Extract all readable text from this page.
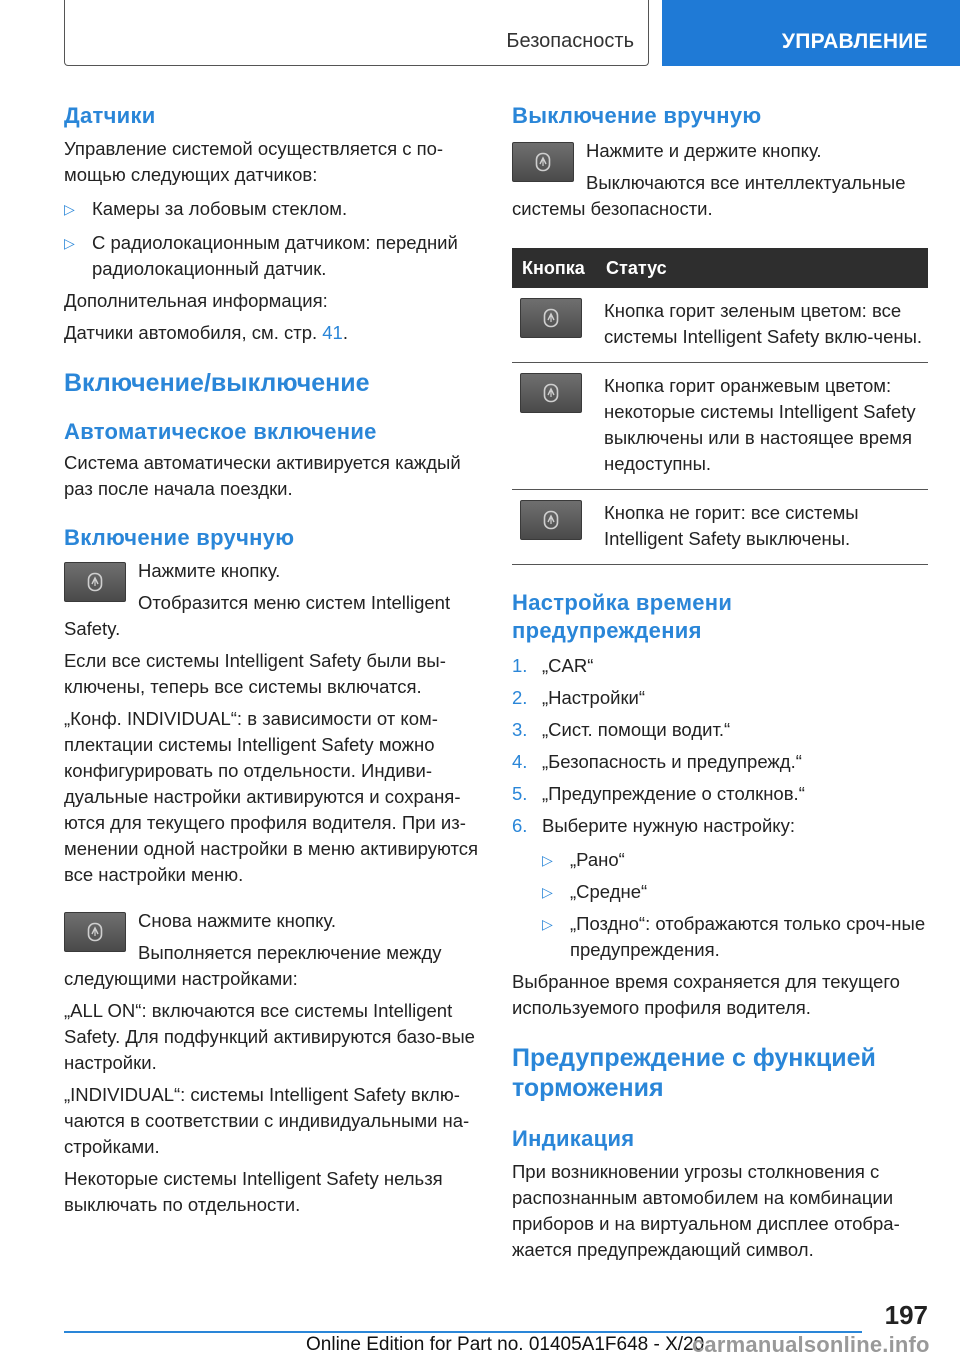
Безопасность	УПРАВЛЕНИЕ
Датчики

Управление системой осуществляется с по-мощью следующих датчиков:

▷ Камеры за лобовым стеклом.
▷ С радиолокационным датчиком: передний радиолокационный датчик.

Дополнительная информация:

Датчики автомобиля, см. стр. 41.

Включение/выключение
Автоматическое включение

Система автоматически активируется каждый раз после начала поездки.

Включение вручную

Нажмите кнопку.

Отобразится меню систем Intelligent Safety.

Если все системы Intelligent Safety были вы-ключены, теперь все системы включатся.

„Конф. INDIVIDUAL“: в зависимости от ком-плектации системы Intelligent Safety можно конфигурировать по отдельности. Индиви-дуальные настройки активируются и сохраня-ются для текущего профиля водителя. При из-менении одной настройки в меню активируются все настройки меню.

Снова нажмите кнопку.

Выполняется переключение между следующими настройками:

„ALL ON“: включаются все системы Intelligent Safety. Для подфункций активируются базо-вые настройки.

„INDIVIDUAL“: системы Intelligent Safety вклю-чаются в соответствии с индивидуальными на-стройками.

Некоторые системы Intelligent Safety нельзя выключать по отдельности.

Выключение вручную

Нажмите и держите кнопку.

Выключаются все интеллектуальные системы безопасности.

Кнопка	Статус

	Кнопка горит зеленым цветом: все системы Intelligent Safety вклю-чены.

	Кнопка горит оранжевым цветом: некоторые системы Intelligent Safety выключены или в настоящее время недоступны.

	Кнопка не горит: все системы Intelligent Safety выключены.
Настройка времени предупреждения
1. „CAR“
2. „Настройки“
3. „Сист. помощи водит.“
4. „Безопасность и предупрежд.“
5. „Предупреждение о столкнов.“
6. Выберите нужную настройку:
▷ „Рано“
▷ „Средне“
▷ „Поздно“: отображаются только сроч-ные предупреждения.

Выбранное время сохраняется для текущего используемого профиля водителя.

Предупреждение с функцией торможения
Индикация

При возникновении угрозы столкновения с распознанным автомобилем на комбинации приборов и на виртуальном дисплее отобра-жается предупреждающий символ.

197
Online Edition for Part no. 01405A1F648 - X/20
carmanualsonline.info
